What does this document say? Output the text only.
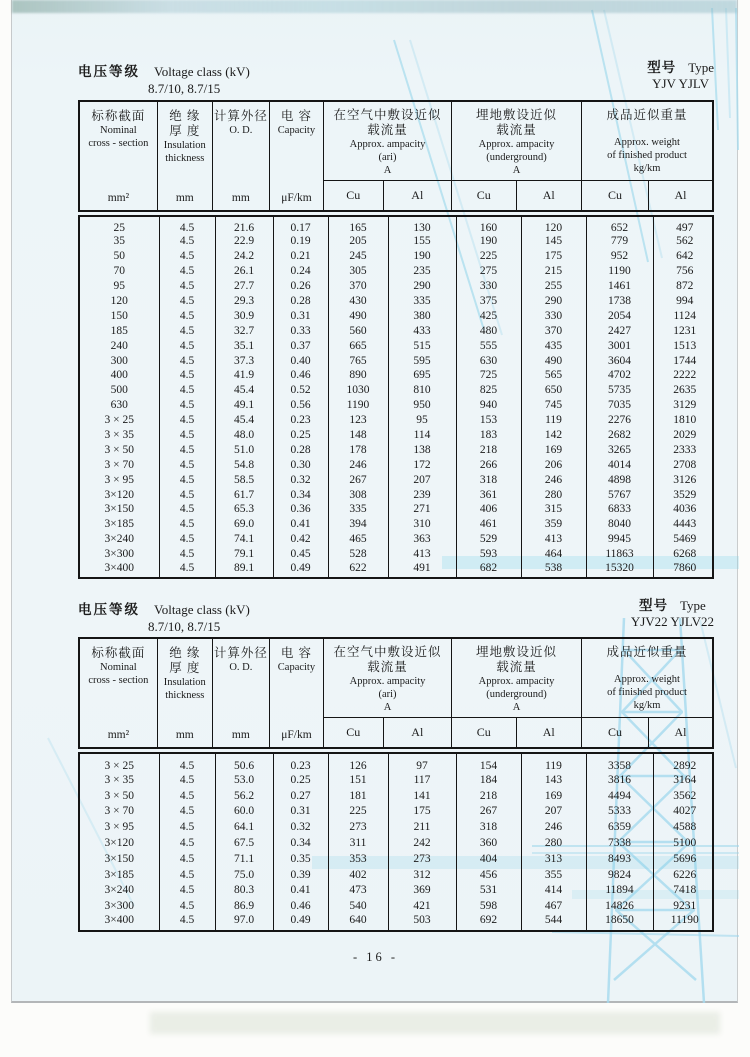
电压等级 Voltage class (kV)
8.7/10, 8.7/15
型号 Type
YJV YJLV
标称截面
Nominal
cross - section
mm²
绝 缘
厚 度
Insulation
thickness
mm
计算外径
O. D.
mm
电 容
Capacity
μF/km
在空气中敷设近似
载流量
Approx. ampacity
(ari)
A
Cu	Al
埋地敷设近似
载流量
Approx. ampacity
(underground)
A
Cu	Al
成品近似重量
Approx. weight
of finished product
kg/km
Cu	Al
25	4.5	21.6	0.17	165	130	160	120	652	497
35	4.5	22.9	0.19	205	155	190	145	779	562
50	4.5	24.2	0.21	245	190	225	175	952	642
70	4.5	26.1	0.24	305	235	275	215	1190	756
95	4.5	27.7	0.26	370	290	330	255	1461	872
120	4.5	29.3	0.28	430	335	375	290	1738	994
150	4.5	30.9	0.31	490	380	425	330	2054	1124
185	4.5	32.7	0.33	560	433	480	370	2427	1231
240	4.5	35.1	0.37	665	515	555	435	3001	1513
300	4.5	37.3	0.40	765	595	630	490	3604	1744
400	4.5	41.9	0.46	890	695	725	565	4702	2222
500	4.5	45.4	0.52	1030	810	825	650	5735	2635
630	4.5	49.1	0.56	1190	950	940	745	7035	3129
3 × 25	4.5	45.4	0.23	123	95	153	119	2276	1810
3 × 35	4.5	48.0	0.25	148	114	183	142	2682	2029
3 × 50	4.5	51.0	0.28	178	138	218	169	3265	2333
3 × 70	4.5	54.8	0.30	246	172	266	206	4014	2708
3 × 95	4.5	58.5	0.32	267	207	318	246	4898	3126
3×120	4.5	61.7	0.34	308	239	361	280	5767	3529
3×150	4.5	65.3	0.36	335	271	406	315	6833	4036
3×185	4.5	69.0	0.41	394	310	461	359	8040	4443
3×240	4.5	74.1	0.42	465	363	529	413	9945	5469
3×300	4.5	79.1	0.45	528	413	593	464	11863	6268
3×400	4.5	89.1	0.49	622	491	682	538	15320	7860
电压等级 Voltage class (kV)
8.7/10, 8.7/15
型号 Type
YJV22 YJLV22
标称截面
Nominal
cross - section
mm²
绝 缘
厚 度
Insulation
thickness
mm
计算外径
O. D.
mm
电 容
Capacity
μF/km
在空气中敷设近似
载流量
Approx. ampacity
(ari)
A
Cu	Al
埋地敷设近似
载流量
Approx. ampacity
(underground)
A
Cu	Al
成品近似重量
Approx. weight
of finished product
kg/km
Cu	Al
3 × 25	4.5	50.6	0.23	126	97	154	119	3358	2892
3 × 35	4.5	53.0	0.25	151	117	184	143	3816	3164
3 × 50	4.5	56.2	0.27	181	141	218	169	4494	3562
3 × 70	4.5	60.0	0.31	225	175	267	207	5333	4027
3 × 95	4.5	64.1	0.32	273	211	318	246	6359	4588
3×120	4.5	67.5	0.34	311	242	360	280	7338	5100
3×150	4.5	71.1	0.35	353	273	404	313	8493	5696
3×185	4.5	75.0	0.39	402	312	456	355	9824	6226
3×240	4.5	80.3	0.41	473	369	531	414	11894	7418
3×300	4.5	86.9	0.46	540	421	598	467	14826	9231
3×400	4.5	97.0	0.49	640	503	692	544	18650	11190
- 16 -
